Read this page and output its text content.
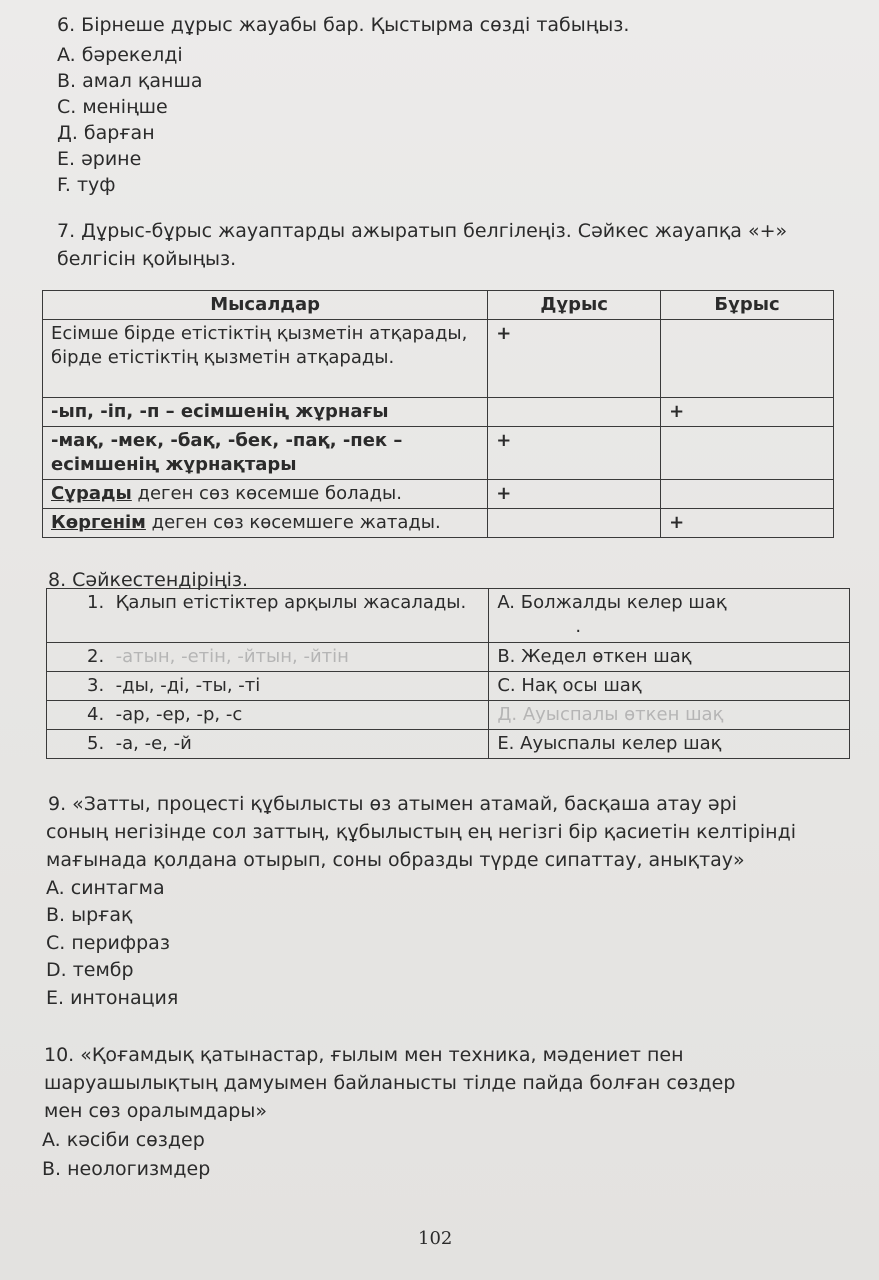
6. Бірнеше дұрыс жауабы бар. Қыстырма сөзді табыңыз.
A. бәрекелді
B. амал қанша
C. меніңше
Д. барған
E. әрине
F. туф
7. Дұрыс-бұрыс жауаптарды ажыратып белгілеңіз. Сәйкес жауапқа «+»
белгісін қойыңыз.
Мысалдар	Дұрыс	Бұрыс
Есімше бірде етістіктің қызметін атқарады, бірде етістіктің қызметін атқарады.	+	
-ып, -іп, -п – есімшенің жұрнағы		+
-мақ, -мек, -бақ, -бек, -пақ, -пек – есімшенің жұрнақтары	+	
Сұрады деген сөз көсемше болады.	+	
Көргенім деген сөз көсемшеге жатады.		+
8. Сәйкестендіріңіз.
1. Қалып етістіктер арқылы жасалады.	A. Болжалды келер шақ
.
2. -атын, -етін, -йтын, -йтін	B. Жедел өткен шақ
3. -ды, -ді, -ты, -ті	C. Нақ осы шақ
4. -ар, -ер, -р, -с	Д. Ауыспалы өткен шақ
5. -а, -е, -й	E. Ауыспалы келер шақ
9. «Затты, процесті құбылысты өз атымен атамай, басқаша атау әрі
соның негізінде сол заттың, құбылыстың ең негізгі бір қасиетін келтірінді
мағынада қолдана отырып, соны образды түрде сипаттау, анықтау»
A. синтагма
B. ырғақ
C. перифраз
D. тембр
E. интонация
10. «Қоғамдық қатынастар, ғылым мен техника, мәдениет пен
шаруашылықтың дамуымен байланысты тілде пайда болған сөздер
мен сөз оралымдары»
A. кәсіби сөздер
B. неологизмдер
102
